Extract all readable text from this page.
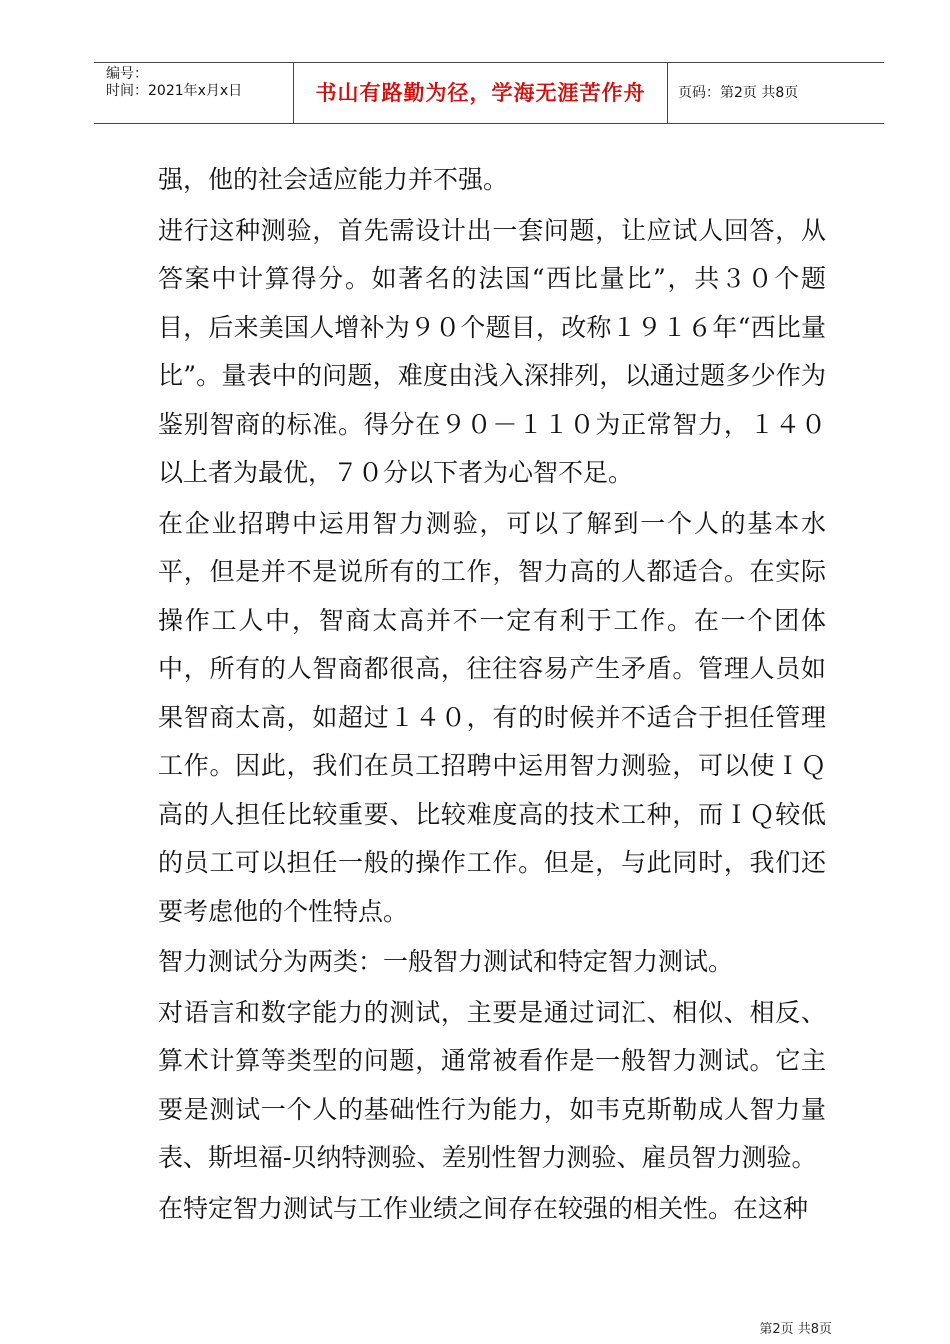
编号：
时间：2021年x月x日	书山有路勤为径，学海无涯苦作舟	页码：第2页 共8页

强，他的社会适应能力并不强。

进行这种测验，首先需设计出一套问题，让应试人回答，从答案中计算得分。如著名的法国“西比量比”，共３０个题目，后来美国人增补为９０个题目，改称１９１６年“西比量比”。量表中的问题，难度由浅入深排列，以通过题多少作为鉴别智商的标准。得分在９０－１１０为正常智力，１４０以上者为最优，７０分以下者为心智不足。

在企业招聘中运用智力测验，可以了解到一个人的基本水平，但是并不是说所有的工作，智力高的人都适合。在实际操作工人中，智商太高并不一定有利于工作。在一个团体中，所有的人智商都很高，往往容易产生矛盾。管理人员如果智商太高，如超过１４０，有的时候并不适合于担任管理工作。因此，我们在员工招聘中运用智力测验，可以使ＩＱ高的人担任比较重要、比较难度高的技术工种，而ＩＱ较低的员工可以担任一般的操作工作。但是，与此同时，我们还要考虑他的个性特点。

智力测试分为两类：一般智力测试和特定智力测试。

对语言和数字能力的测试，主要是通过词汇、相似、相反、算术计算等类型的问题，通常被看作是一般智力测试。它主要是测试一个人的基础性行为能力，如韦克斯勒成人智力量表、斯坦福-贝纳特测验、差别性智力测验、雇员智力测验。

在特定智力测试与工作业绩之间存在较强的相关性。在这种

第2页 共8页
